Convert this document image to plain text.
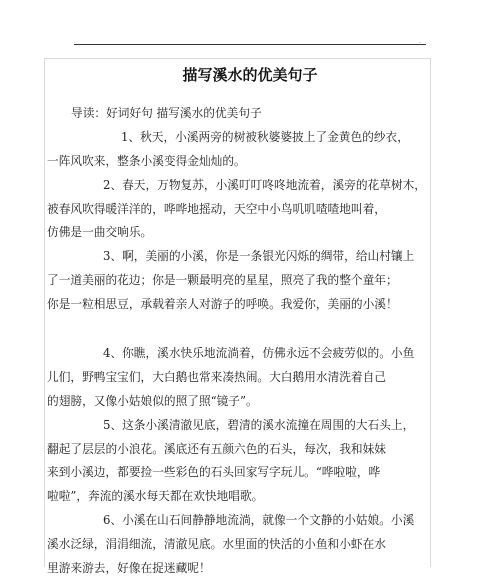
.
描写溪水的优美句子
导读：好词好句 描写溪水的优美句子
1、秋天，小溪两旁的树被秋婆婆披上了金黄色的纱衣，
一阵风吹来，整条小溪变得金灿灿的。
2、春天，万物复苏，小溪叮叮咚咚地流着，溪旁的花草树木，
被春风吹得暖洋洋的，哗哗地摇动，天空中小鸟叽叽喳喳地叫着，
仿佛是一曲交响乐。
3、啊，美丽的小溪，你是一条银光闪烁的绸带，给山村镶上
了一道美丽的花边；你是一颗最明亮的星星，照亮了我的整个童年；
你是一粒相思豆，承载着亲人对游子的呼唤。我爱你，美丽的小溪！
4、你瞧，溪水快乐地流淌着，仿佛永远不会疲劳似的。小鱼
儿们，野鸭宝宝们，大白鹅也常来凑热闹。大白鹅用水清洗着自己
的翅膀，又像小姑娘似的照了照“镜子”。
5、这条小溪清澈见底，碧清的溪水流撞在周围的大石头上，
翻起了层层的小浪花。溪底还有五颜六色的石头，每次，我和妹妹
来到小溪边，都要捡一些彩色的石头回家写字玩儿。“哗啦啦，哗
啦啦”，奔流的溪水每天都在欢快地唱歌。
6、小溪在山石间静静地流淌，就像一个文静的小姑娘。小溪
溪水泛绿，涓涓细流，清澈见底。水里面的快活的小鱼和小虾在水
里游来游去，好像在捉迷藏呢！
